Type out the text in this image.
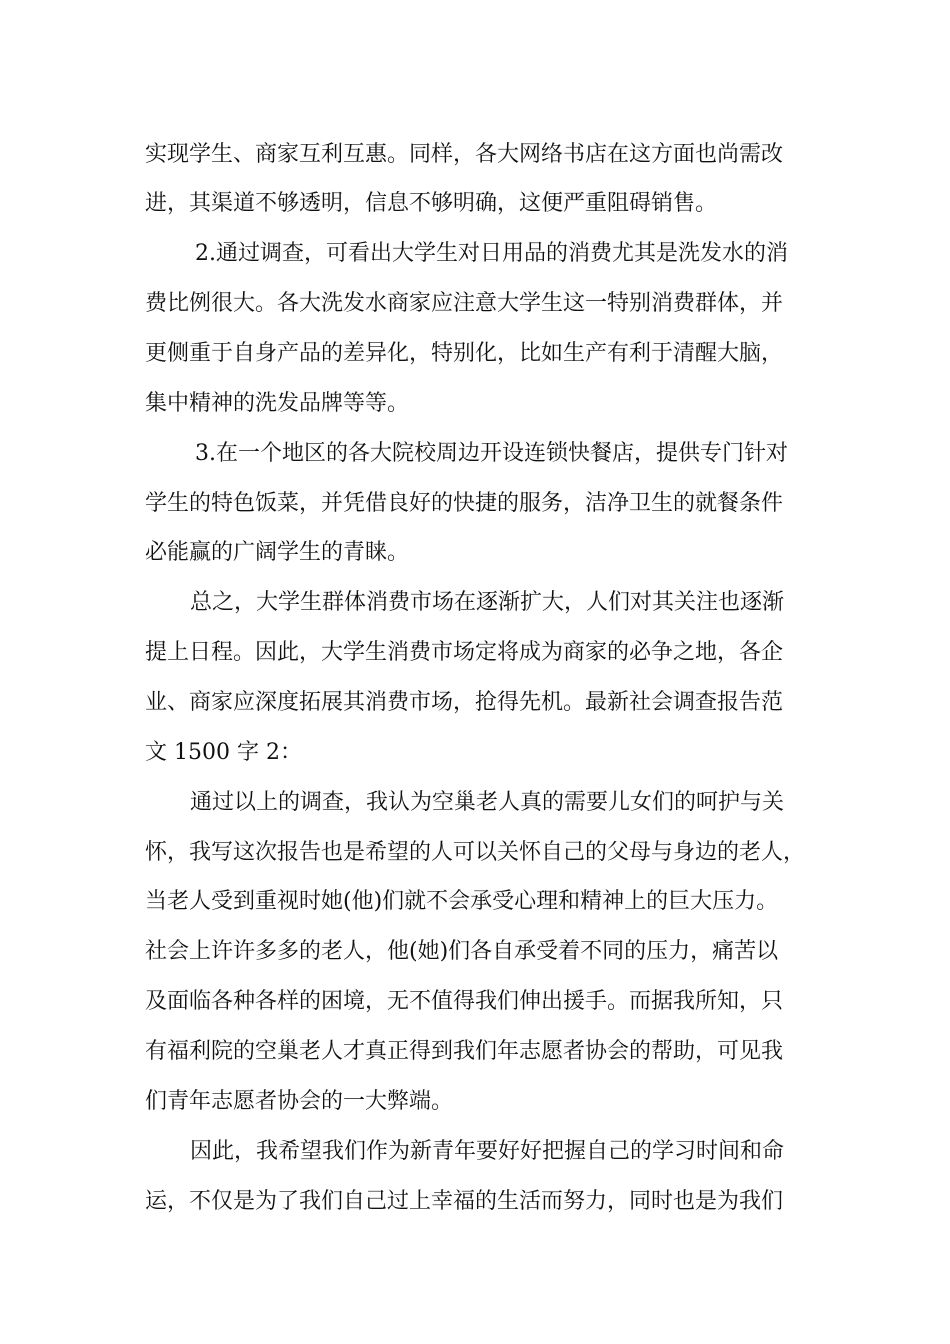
实现学生、商家互利互惠。同样，各大网络书店在这方面也尚需改
进，其渠道不够透明，信息不够明确，这便严重阻碍销售。
2.通过调查，可看出大学生对日用品的消费尤其是洗发水的消
费比例很大。各大洗发水商家应注意大学生这一特别消费群体，并
更侧重于自身产品的差异化，特别化，比如生产有利于清醒大脑，
集中精神的洗发品牌等等。
3.在一个地区的各大院校周边开设连锁快餐店，提供专门针对
学生的特色饭菜，并凭借良好的快捷的服务，洁净卫生的就餐条件
必能赢的广阔学生的青睐。
总之，大学生群体消费市场在逐渐扩大，人们对其关注也逐渐
提上日程。因此，大学生消费市场定将成为商家的必争之地，各企
业、商家应深度拓展其消费市场，抢得先机。最新社会调查报告范
文 1500 字 2：
通过以上的调查，我认为空巢老人真的需要儿女们的呵护与关
怀，我写这次报告也是希望的人可以关怀自己的父母与身边的老人，
当老人受到重视时她(他)们就不会承受心理和精神上的巨大压力。
社会上许许多多的老人，他(她)们各自承受着不同的压力，痛苦以
及面临各种各样的困境，无不值得我们伸出援手。而据我所知，只
有福利院的空巢老人才真正得到我们年志愿者协会的帮助，可见我
们青年志愿者协会的一大弊端。
因此，我希望我们作为新青年要好好把握自己的学习时间和命
运，不仅是为了我们自己过上幸福的生活而努力，同时也是为我们
